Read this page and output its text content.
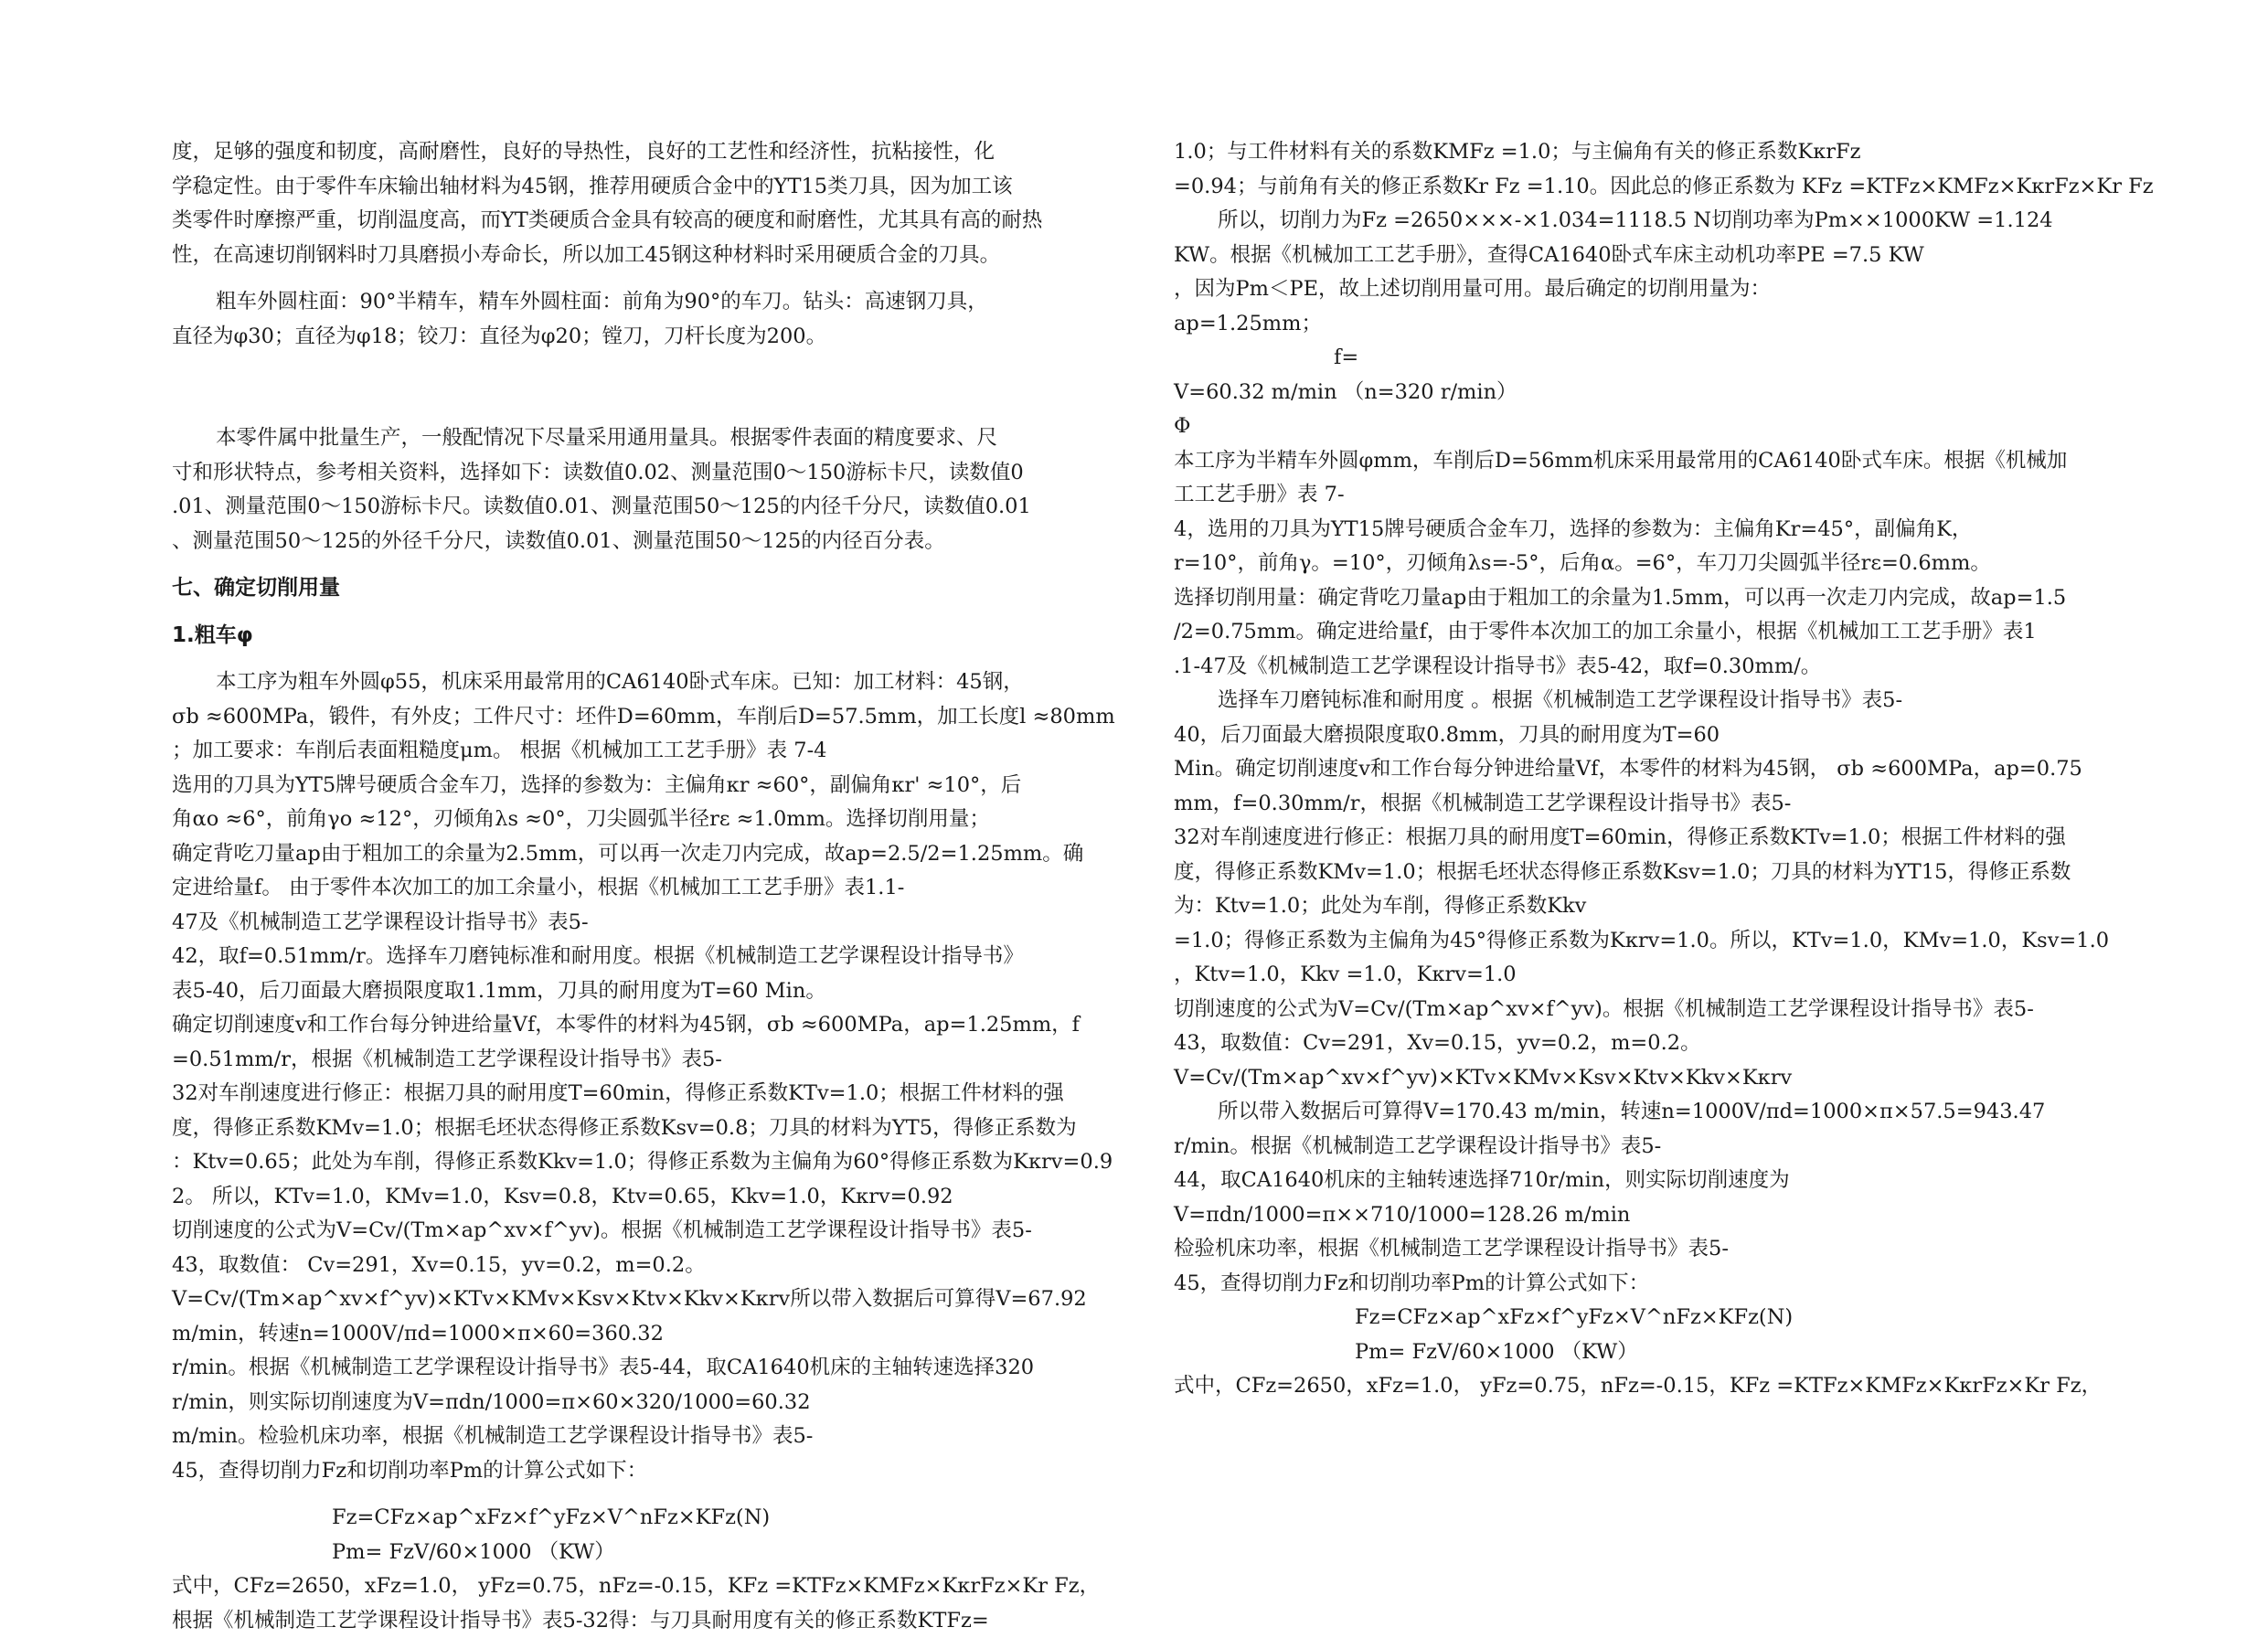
度，足够的强度和韧度，高耐磨性，良好的导热性，良好的工艺性和经济性，抗粘接性，化

学稳定性。由于零件车床输出轴材料为45钢，推荐用硬质合金中的YT15类刀具，因为加工该

类零件时摩擦严重，切削温度高，而YT类硬质合金具有较高的硬度和耐磨性，尤其具有高的耐热

性，在高速切削钢料时刀具磨损小寿命长，所以加工45钢这种材料时采用硬质合金的刀具。

粗车外圆柱面：90°半精车，精车外圆柱面：前角为90°的车刀。钻头：高速钢刀具，

直径为φ30；直径为φ18；铰刀：直径为φ20；镗刀，刀杆长度为200。

本零件属中批量生产，一般配情况下尽量采用通用量具。根据零件表面的精度要求、尺

寸和形状特点，参考相关资料，选择如下：读数值0.02、测量范围0～150游标卡尺，读数值0

.01、测量范围0～150游标卡尺。读数值0.01、测量范围50～125的内径千分尺，读数值0.01

、测量范围50～125的外径千分尺，读数值0.01、测量范围50～125的内径百分表。

七、确定切削用量

1.粗车φ

本工序为粗车外圆φ55，机床采用最常用的CA6140卧式车床。已知：加工材料：45钢，

σb ≈600MPa，锻件，有外皮；工件尺寸：坯件D=60mm，车削后D=57.5mm，加工长度l ≈80mm

；加工要求：车削后表面粗糙度μm。 根据《机械加工工艺手册》表 7-4

选用的刀具为YT5牌号硬质合金车刀，选择的参数为：主偏角κr ≈60°，副偏角κr' ≈10°，后

角αo ≈6°，前角γo ≈12°，刃倾角λs ≈0°，刀尖圆弧半径rε ≈1.0mm。选择切削用量；

确定背吃刀量ap由于粗加工的余量为2.5mm，可以再一次走刀内完成，故ap=2.5/2=1.25mm。确

定进给量f。 由于零件本次加工的加工余量小，根据《机械加工工艺手册》表1.1-

47及《机械制造工艺学课程设计指导书》表5-

42，取f=0.51mm/r。选择车刀磨钝标准和耐用度。根据《机械制造工艺学课程设计指导书》

表5-40，后刀面最大磨损限度取1.1mm，刀具的耐用度为T=60 Min。

确定切削速度v和工作台每分钟进给量Vf，本零件的材料为45钢，σb ≈600MPa，ap=1.25mm，f

=0.51mm/r，根据《机械制造工艺学课程设计指导书》表5-

32对车削速度进行修正：根据刀具的耐用度T=60min，得修正系数KTv=1.0；根据工件材料的强

度，得修正系数KMv=1.0；根据毛坯状态得修正系数Ksv=0.8；刀具的材料为YT5，得修正系数为

：Ktv=0.65；此处为车削，得修正系数Kkv=1.0；得修正系数为主偏角为60°得修正系数为Kκrv=0.9

2。 所以，KTv=1.0，KMv=1.0，Ksv=0.8，Ktv=0.65，Kkv=1.0，Kκrv=0.92

切削速度的公式为V=Cv/(Tm×ap^xv×f^yv)。根据《机械制造工艺学课程设计指导书》表5-

43，取数值： Cv=291，Xv=0.15，yv=0.2，m=0.2。

V=Cv/(Tm×ap^xv×f^yv)×KTv×KMv×Ksv×Ktv×Kkv×Kκrv所以带入数据后可算得V=67.92

m/min，转速n=1000V/πd=1000×π×60=360.32

r/min。根据《机械制造工艺学课程设计指导书》表5-44，取CA1640机床的主轴转速选择320

r/min，则实际切削速度为V=πdn/1000=π×60×320/1000=60.32

m/min。检验机床功率，根据《机械制造工艺学课程设计指导书》表5-

45，查得切削力Fz和切削功率Pm的计算公式如下：

Fz=CFz×ap^xFz×f^yFz×V^nFz×KFz(N)

Pm= FzV/60×1000 （KW）

式中，CFz=2650，xFz=1.0， yFz=0.75，nFz=-0.15，KFz =KTFz×KMFz×KκrFz×Kr Fz，

根据《机械制造工艺学课程设计指导书》表5-32得：与刀具耐用度有关的修正系数KTFz=

1.0；与工件材料有关的系数KMFz =1.0；与主偏角有关的修正系数KκrFz

=0.94；与前角有关的修正系数Kr Fz =1.10。因此总的修正系数为 KFz =KTFz×KMFz×KκrFz×Kr Fz

所以，切削力为Fz =2650×××-×1.034=1118.5 N切削功率为Pm××1000KW =1.124

KW。根据《机械加工工艺手册》，查得CA1640卧式车床主动机功率PE =7.5 KW

，因为Pm＜PE，故上述切削用量可用。最后确定的切削用量为：

ap=1.25mm；

f=

V=60.32 m/min （n=320 r/min）

Φ

本工序为半精车外圆φmm，车削后D=56mm机床采用最常用的CA6140卧式车床。根据《机械加

工工艺手册》表 7-

4，选用的刀具为YT15牌号硬质合金车刀，选择的参数为：主偏角Kr=45°，副偏角K，

r=10°，前角γ。=10°，刃倾角λs=-5°，后角α。=6°，车刀刀尖圆弧半径rε=0.6mm。

选择切削用量：确定背吃刀量ap由于粗加工的余量为1.5mm，可以再一次走刀内完成，故ap=1.5

/2=0.75mm。确定进给量f，由于零件本次加工的加工余量小，根据《机械加工工艺手册》表1

.1-47及《机械制造工艺学课程设计指导书》表5-42，取f=0.30mm/。

选择车刀磨钝标准和耐用度 。根据《机械制造工艺学课程设计指导书》表5-

40，后刀面最大磨损限度取0.8mm，刀具的耐用度为T=60

Min。确定切削速度v和工作台每分钟进给量Vf，本零件的材料为45钢， σb ≈600MPa，ap=0.75

mm，f=0.30mm/r，根据《机械制造工艺学课程设计指导书》表5-

32对车削速度进行修正：根据刀具的耐用度T=60min，得修正系数KTv=1.0；根据工件材料的强

度，得修正系数KMv=1.0；根据毛坯状态得修正系数Ksv=1.0；刀具的材料为YT15，得修正系数

为：Ktv=1.0；此处为车削，得修正系数Kkv

=1.0；得修正系数为主偏角为45°得修正系数为Kκrv=1.0。所以，KTv=1.0，KMv=1.0，Ksv=1.0

，Ktv=1.0，Kkv =1.0，Kκrv=1.0

切削速度的公式为V=Cv/(Tm×ap^xv×f^yv)。根据《机械制造工艺学课程设计指导书》表5-

43，取数值：Cv=291，Xv=0.15，yv=0.2，m=0.2。

V=Cv/(Tm×ap^xv×f^yv)×KTv×KMv×Ksv×Ktv×Kkv×Kκrv

所以带入数据后可算得V=170.43 m/min，转速n=1000V/πd=1000×π×57.5=943.47

r/min。根据《机械制造工艺学课程设计指导书》表5-

44，取CA1640机床的主轴转速选择710r/min，则实际切削速度为

V=πdn/1000=π××710/1000=128.26 m/min

检验机床功率，根据《机械制造工艺学课程设计指导书》表5-

45，查得切削力Fz和切削功率Pm的计算公式如下：

Fz=CFz×ap^xFz×f^yFz×V^nFz×KFz(N)

Pm= FzV/60×1000 （KW）

式中，CFz=2650，xFz=1.0， yFz=0.75，nFz=-0.15，KFz =KTFz×KMFz×KκrFz×Kr Fz，
